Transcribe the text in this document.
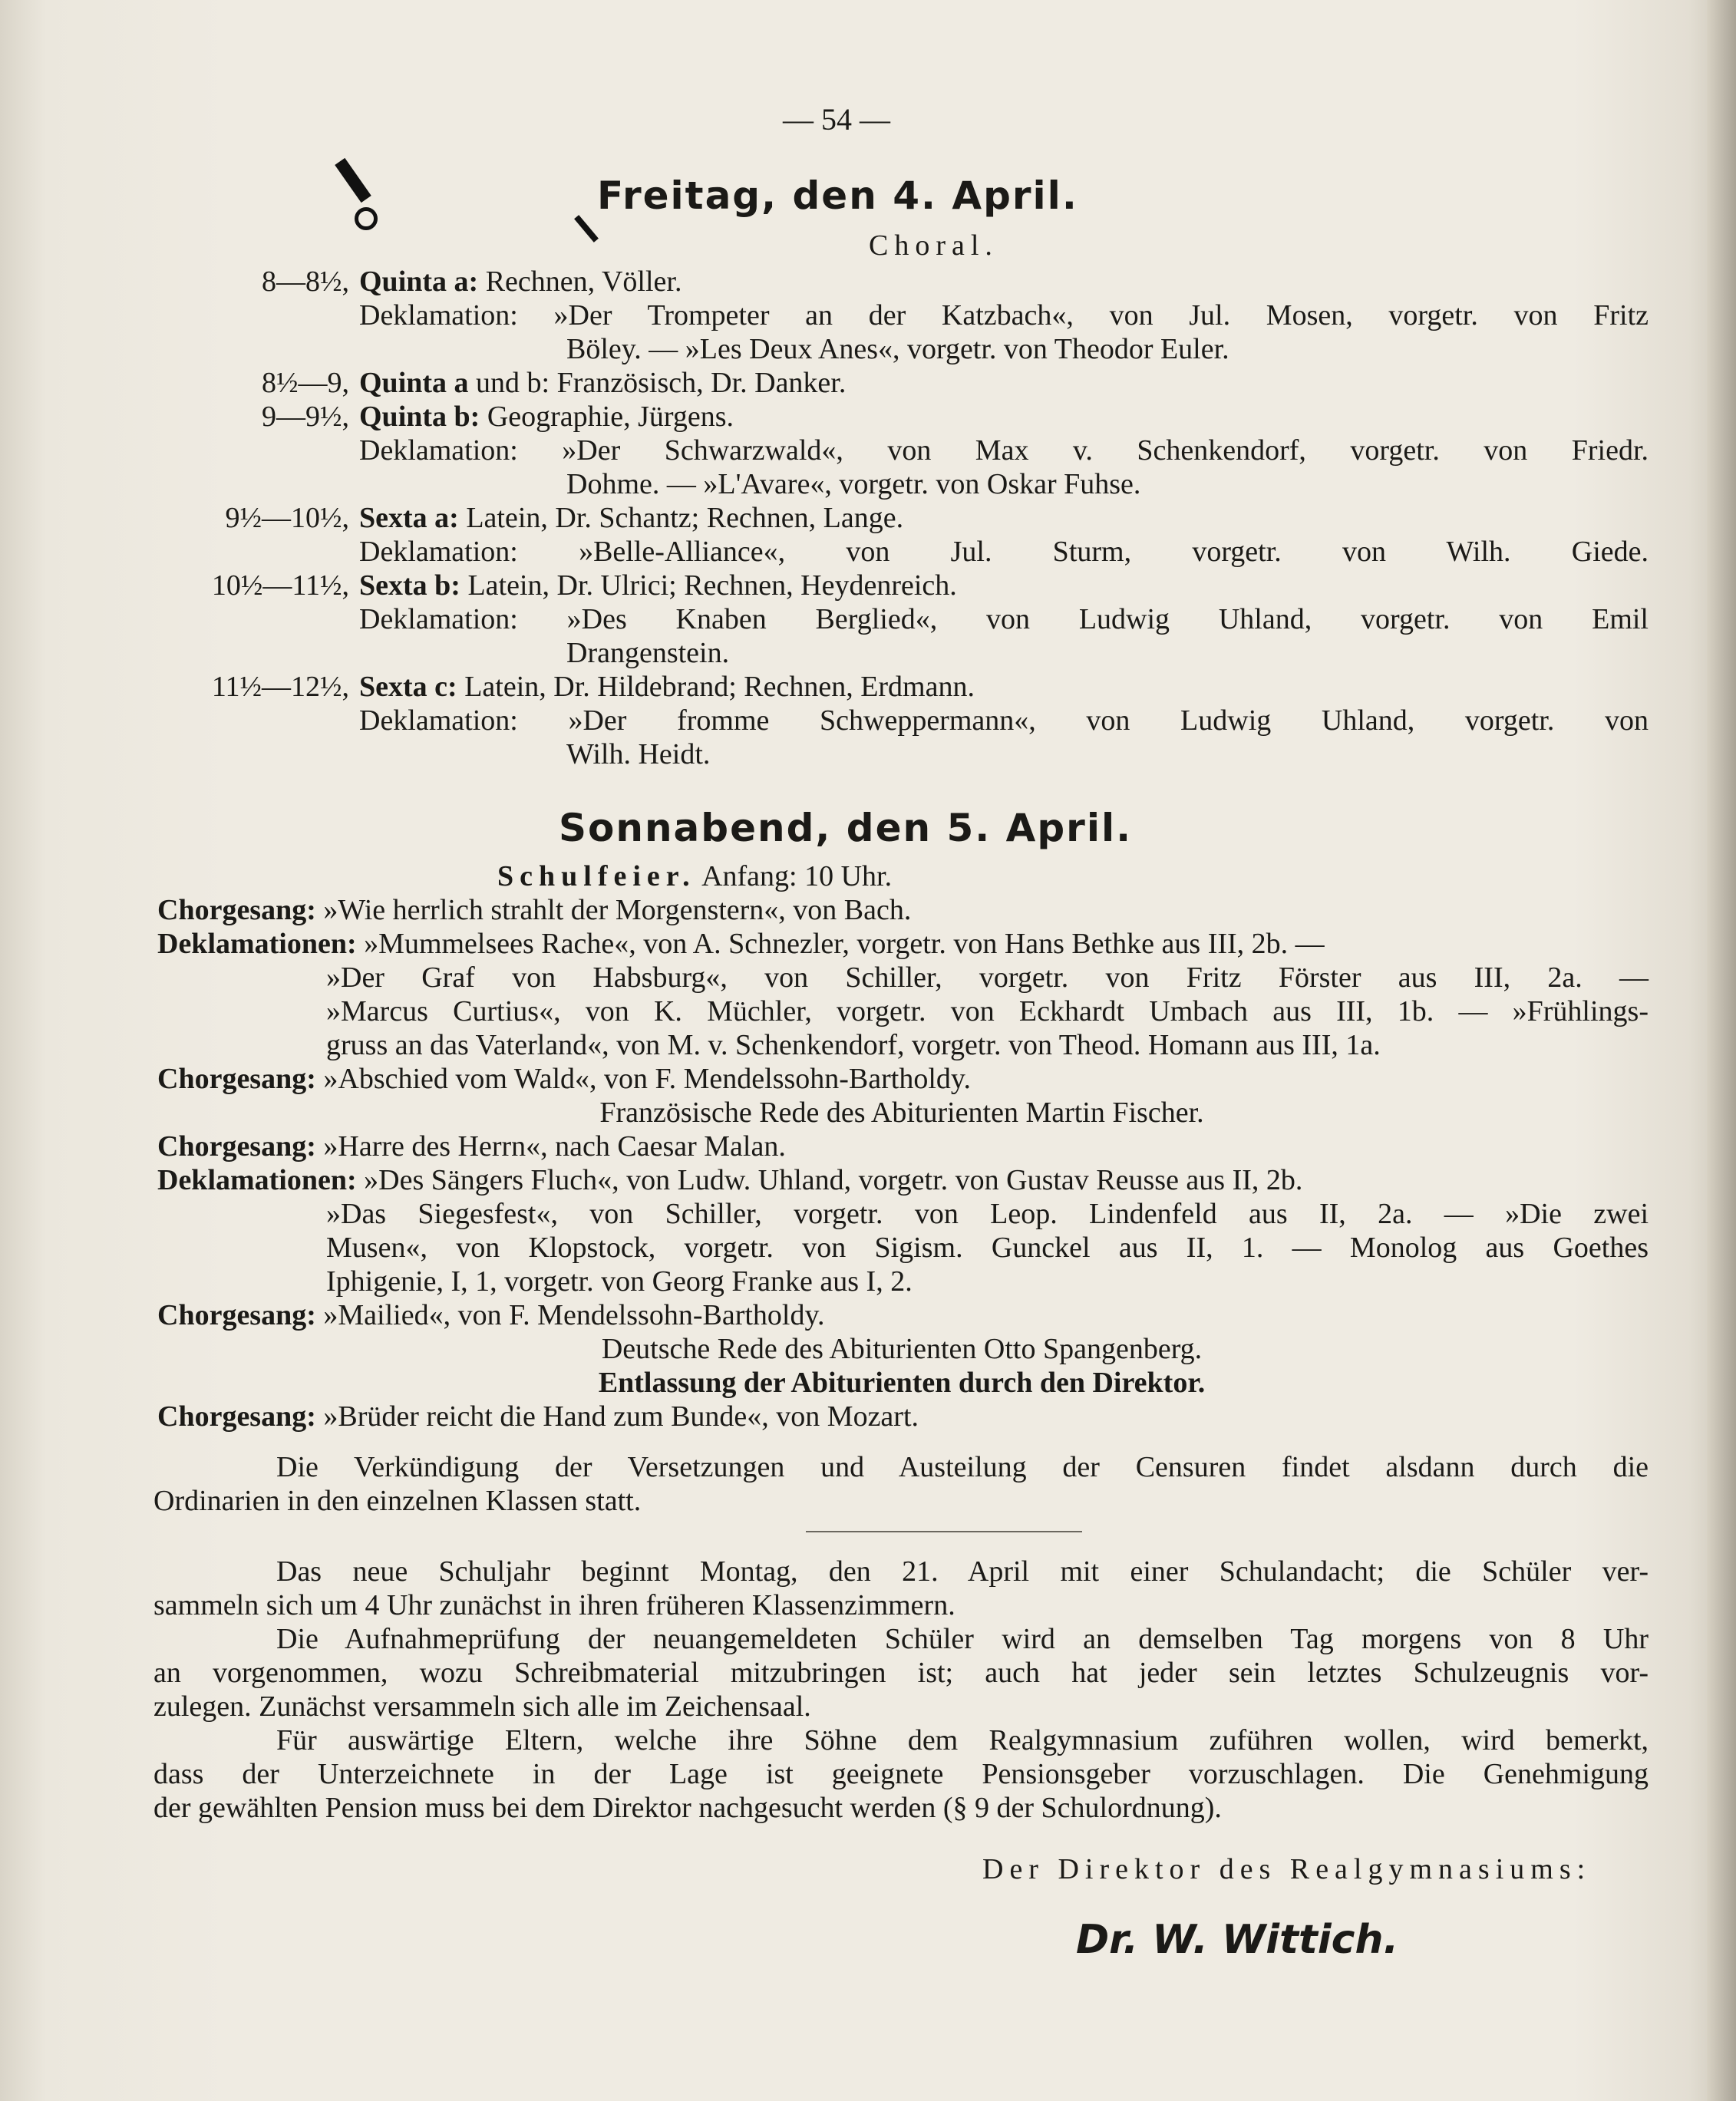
— 54 —
Freitag, den 4. April.
Choral.
8—8½, Quinta a: Rechnen, Völler.
Deklamation: »Der Trompeter an der Katzbach«, von Jul. Mosen, vorgetr. von Fritz
Böley. — »Les Deux Anes«, vorgetr. von Theodor Euler.
8½—9, Quinta a und b: Französisch, Dr. Danker.
9—9½, Quinta b: Geographie, Jürgens.
Deklamation: »Der Schwarzwald«, von Max v. Schenkendorf, vorgetr. von Friedr.
Dohme. — »L'Avare«, vorgetr. von Oskar Fuhse.
9½—10½, Sexta a: Latein, Dr. Schantz; Rechnen, Lange.
Deklamation: »Belle-Alliance«, von Jul. Sturm, vorgetr. von Wilh. Giede.
10½—11½, Sexta b: Latein, Dr. Ulrici; Rechnen, Heydenreich.
Deklamation: »Des Knaben Berglied«, von Ludwig Uhland, vorgetr. von Emil
Drangenstein.
11½—12½, Sexta c: Latein, Dr. Hildebrand; Rechnen, Erdmann.
Deklamation: »Der fromme Schweppermann«, von Ludwig Uhland, vorgetr. von
Wilh. Heidt.
Sonnabend, den 5. April.
Schulfeier. Anfang: 10 Uhr.
Chorgesang: »Wie herrlich strahlt der Morgenstern«, von Bach.
Deklamationen: »Mummelsees Rache«, von A. Schnezler, vorgetr. von Hans Bethke aus III, 2b. —
»Der Graf von Habsburg«, von Schiller, vorgetr. von Fritz Förster aus III, 2a. —
»Marcus Curtius«, von K. Müchler, vorgetr. von Eckhardt Umbach aus III, 1b. — »Frühlings-
gruss an das Vaterland«, von M. v. Schenkendorf, vorgetr. von Theod. Homann aus III, 1a.
Chorgesang: »Abschied vom Wald«, von F. Mendelssohn-Bartholdy.
Französische Rede des Abiturienten Martin Fischer.
Chorgesang: »Harre des Herrn«, nach Caesar Malan.
Deklamationen: »Des Sängers Fluch«, von Ludw. Uhland, vorgetr. von Gustav Reusse aus II, 2b.
»Das Siegesfest«, von Schiller, vorgetr. von Leop. Lindenfeld aus II, 2a. — »Die zwei
Musen«, von Klopstock, vorgetr. von Sigism. Gunckel aus II, 1. — Monolog aus Goethes
Iphigenie, I, 1, vorgetr. von Georg Franke aus I, 2.
Chorgesang: »Mailied«, von F. Mendelssohn-Bartholdy.
Deutsche Rede des Abiturienten Otto Spangenberg.
Entlassung der Abiturienten durch den Direktor.
Chorgesang: »Brüder reicht die Hand zum Bunde«, von Mozart.
Die Verkündigung der Versetzungen und Austeilung der Censuren findet alsdann durch die
Ordinarien in den einzelnen Klassen statt.
Das neue Schuljahr beginnt Montag, den 21. April mit einer Schulandacht; die Schüler ver-
sammeln sich um 4 Uhr zunächst in ihren früheren Klassenzimmern.
Die Aufnahmeprüfung der neuangemeldeten Schüler wird an demselben Tag morgens von 8 Uhr
an vorgenommen, wozu Schreibmaterial mitzubringen ist; auch hat jeder sein letztes Schulzeugnis vor-
zulegen. Zunächst versammeln sich alle im Zeichensaal.
Für auswärtige Eltern, welche ihre Söhne dem Realgymnasium zuführen wollen, wird bemerkt,
dass der Unterzeichnete in der Lage ist geeignete Pensionsgeber vorzuschlagen. Die Genehmigung
der gewählten Pension muss bei dem Direktor nachgesucht werden (§ 9 der Schulordnung).
Der Direktor des Realgymnasiums:
Dr. W. Wittich.
